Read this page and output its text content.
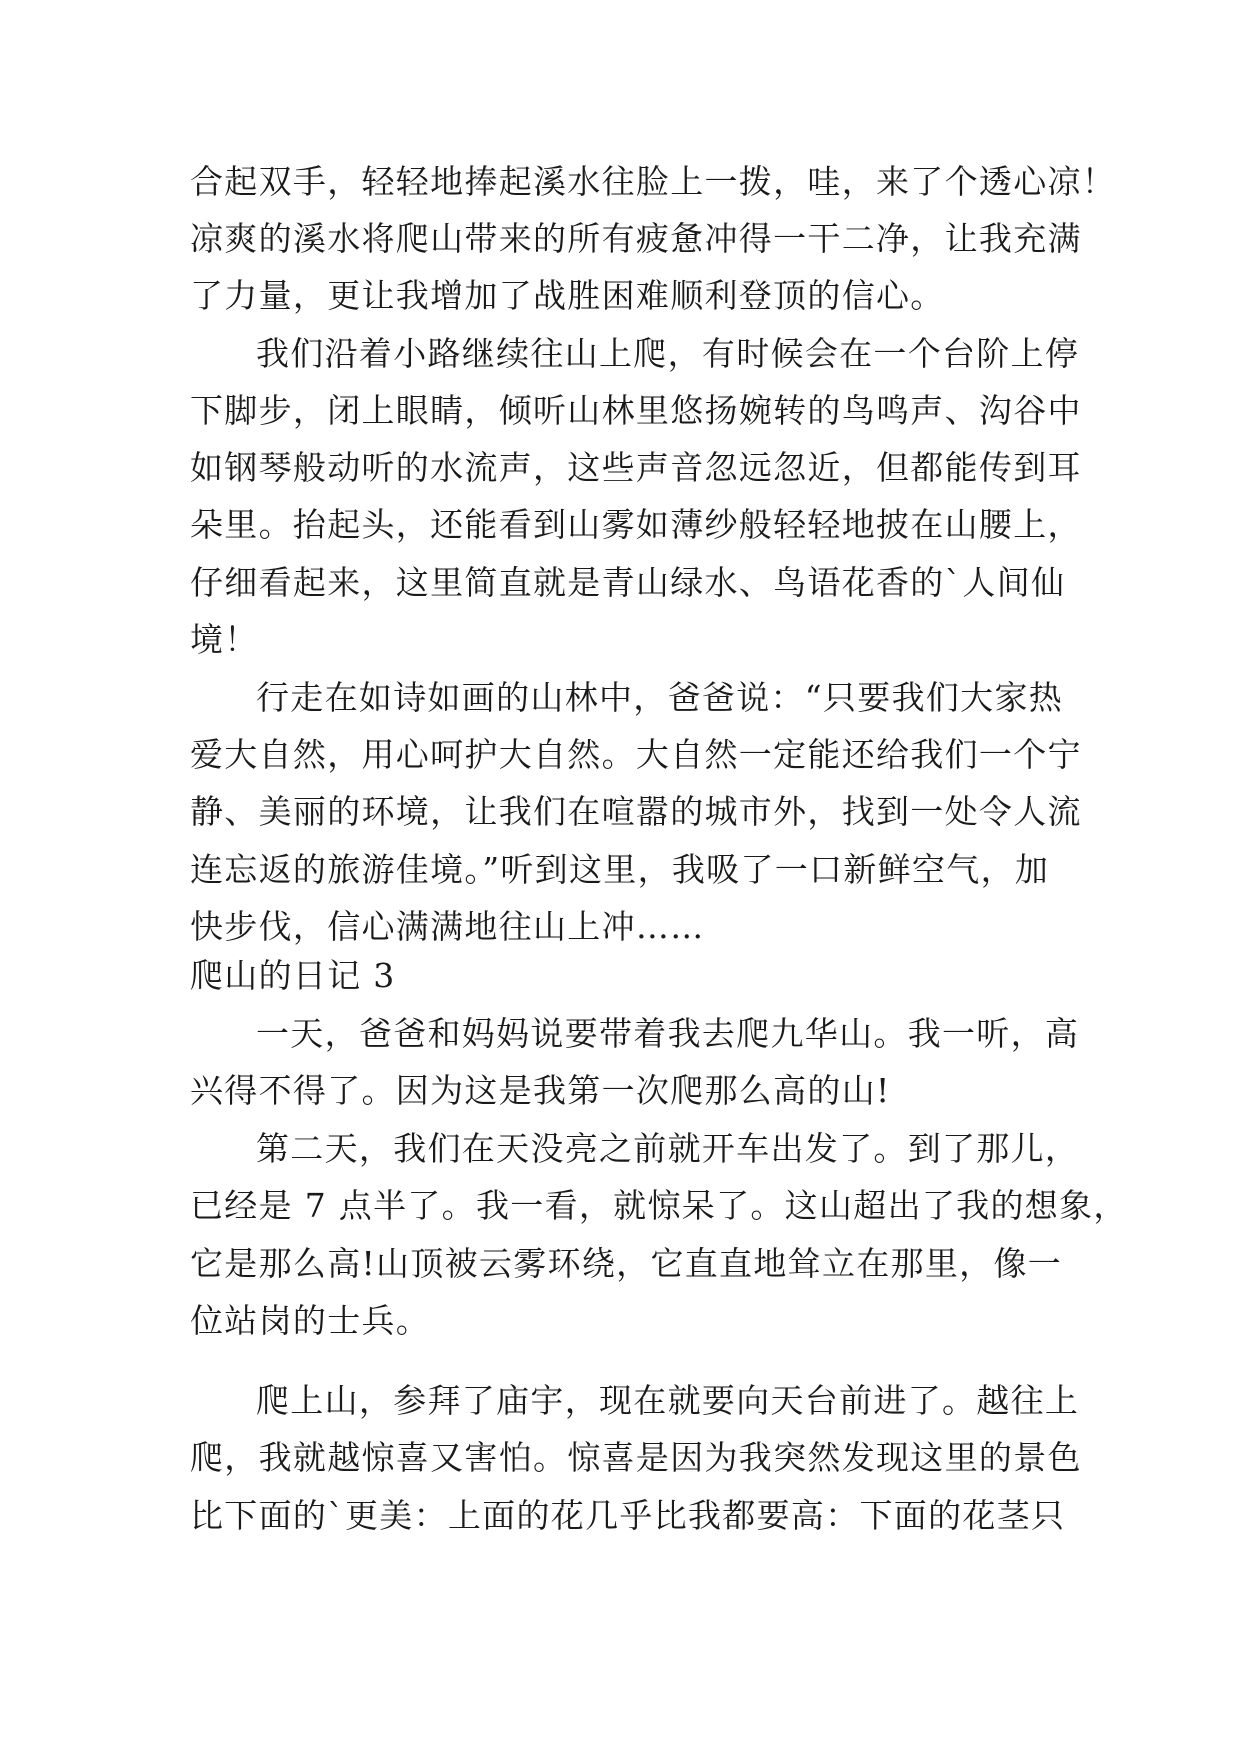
合起双手，轻轻地捧起溪水往脸上一拨，哇，来了个透心凉！
凉爽的溪水将爬山带来的所有疲惫冲得一干二净，让我充满
了力量，更让我增加了战胜困难顺利登顶的信心。
我们沿着小路继续往山上爬，有时候会在一个台阶上停
下脚步，闭上眼睛，倾听山林里悠扬婉转的鸟鸣声、沟谷中
如钢琴般动听的水流声，这些声音忽远忽近，但都能传到耳
朵里。抬起头，还能看到山雾如薄纱般轻轻地披在山腰上，
仔细看起来，这里简直就是青山绿水、鸟语花香的`人间仙
境！
行走在如诗如画的山林中，爸爸说：“只要我们大家热
爱大自然，用心呵护大自然。大自然一定能还给我们一个宁
静、美丽的环境，让我们在喧嚣的城市外，找到一处令人流
连忘返的旅游佳境。”听到这里，我吸了一口新鲜空气，加
快步伐，信心满满地往山上冲……
爬山的日记 3
一天，爸爸和妈妈说要带着我去爬九华山。我一听，高
兴得不得了。因为这是我第一次爬那么高的山!
第二天，我们在天没亮之前就开车出发了。到了那儿，
已经是 7 点半了。我一看，就惊呆了。这山超出了我的想象，
它是那么高!山顶被云雾环绕，它直直地耸立在那里，像一
位站岗的士兵。
爬上山，参拜了庙宇，现在就要向天台前进了。越往上
爬，我就越惊喜又害怕。惊喜是因为我突然发现这里的景色
比下面的`更美：上面的花几乎比我都要高：下面的花茎只
